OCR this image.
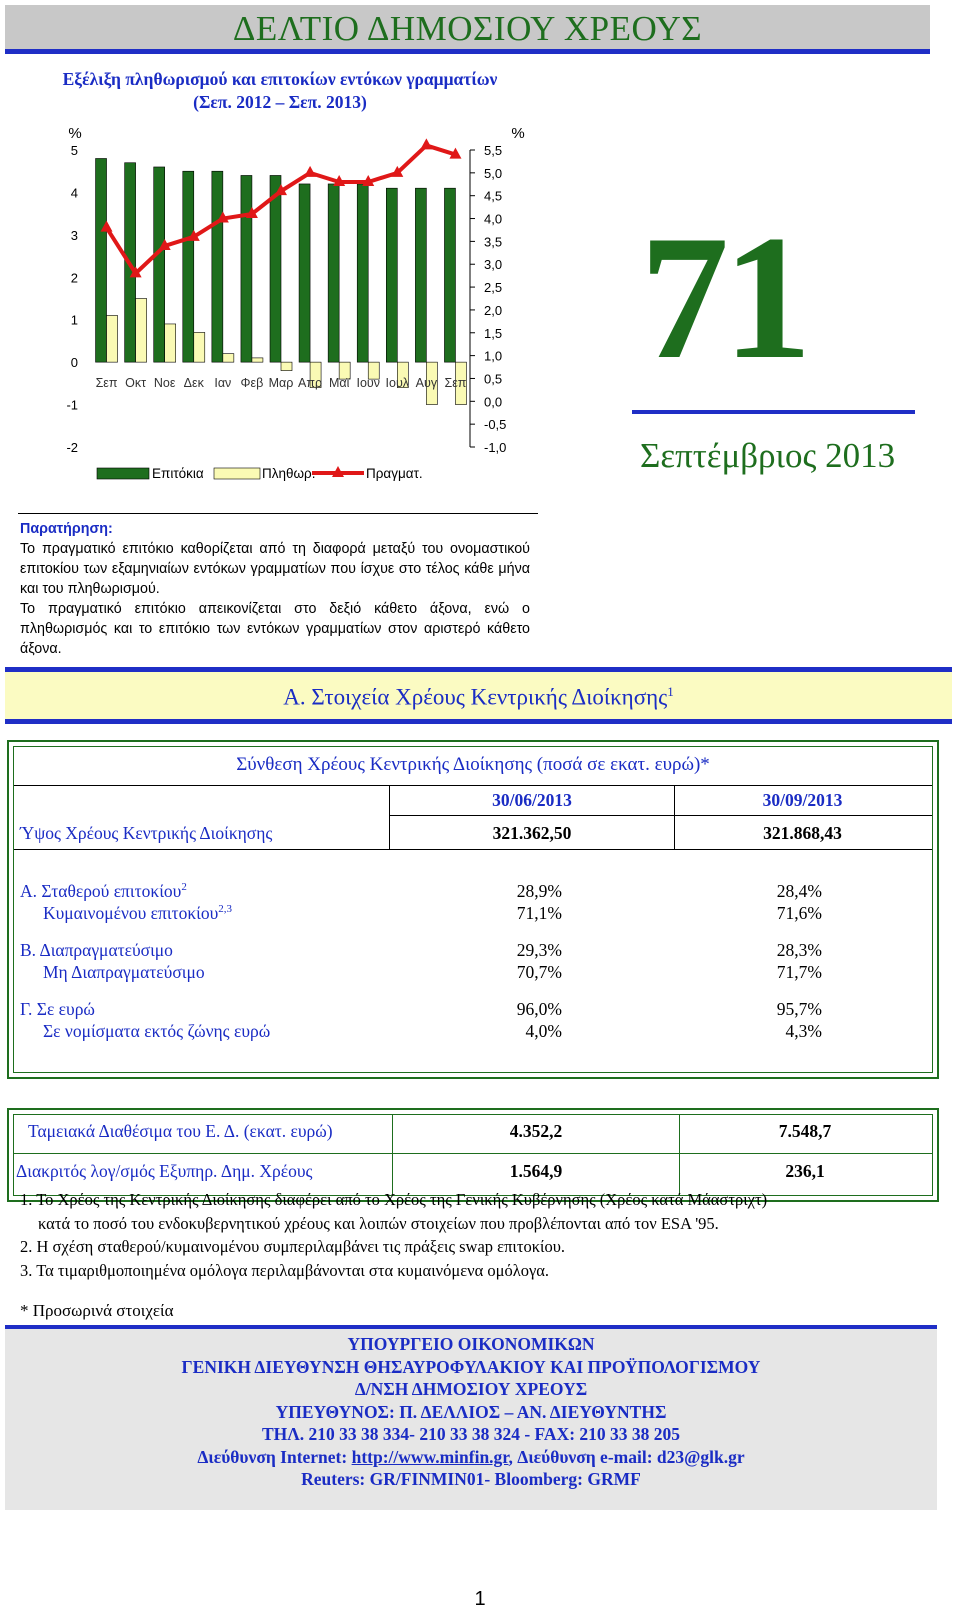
ΔΕΛΤΙΟ ΔΗΜΟΣΙΟΥ ΧΡΕΟΥΣ
Εξέλιξη πληθωρισμού και επιτοκίων εντόκων γραμματίων
(Σεπ. 2012 – Σεπ. 2013)
%	%
5
4
3
2
1
0
-1
-2
5,5
5,0
4,5
4,0
3,5
3,0
2,5
2,0
1,5
1,0
0,5
0,0
-0,5
-1,0
Σεπ Οκτ Νοε Δεκ Ιαν Φεβ Μαρ Απρ Μαϊ Ιουν Ιουλ Αυγ Σεπ
Επιτόκια	Πληθωρ.	Πραγματ.
71
Σεπτέμβριος 2013
Παρατήρηση:
Το πραγματικό επιτόκιο καθορίζεται από τη διαφορά μεταξύ του ονομαστικού επιτοκίου των εξαμηνιαίων εντόκων γραμματίων που ίσχυε στο τέλος κάθε μήνα και του πληθωρισμού.
Το πραγματικό επιτόκιο απεικονίζεται στο δεξιό κάθετο άξονα, ενώ ο πληθωρισμός και το επιτόκιο των εντόκων γραμματίων στον αριστερό κάθετο άξονα.
Α. Στοιχεία Χρέους Κεντρικής Διοίκησης$^1$
Σύνθεση Χρέους Κεντρικής Διοίκησης (ποσά σε εκατ. ευρώ)*
30/06/2013	30/09/2013
Ύψος Χρέους Κεντρικής Διοίκησης	321.362,50	321.868,43
Α. Σταθερού επιτοκίου$^2$	28,9%	28,4%
Κυμαινομένου επιτοκίου$^{2,3}$	71,1%	71,6%
Β. Διαπραγματεύσιμο	29,3%	28,3%
Μη Διαπραγματεύσιμο	70,7%	71,7%
Γ. Σε ευρώ	96,0%	95,7%
Σε νομίσματα εκτός ζώνης ευρώ	4,0%	4,3%
Ταμειακά Διαθέσιμα του Ε. Δ. (εκατ. ευρώ)	4.352,2	7.548,7
Διακριτός λογ/σμός Εξυπηρ. Δημ. Χρέους	1.564,9	236,1
1. Το Χρέος της Κεντρικής Διοίκησης διαφέρει από το Χρέος της Γενικής Κυβέρνησης (Χρέος κατά Μάαστριχτ)
κατά το ποσό του ενδοκυβερνητικού χρέους και λοιπών στοιχείων που προβλέπονται από τον ESA '95.
2. Η σχέση σταθερού/κυμαινομένου συμπεριλαμβάνει τις πράξεις swap επιτοκίου.
3. Τα τιμαριθμοποιημένα ομόλογα περιλαμβάνονται στα κυμαινόμενα ομόλογα.
* Προσωρινά στοιχεία
ΥΠΟΥΡΓΕΙΟ ΟΙΚΟΝΟΜΙΚΩΝ
ΓΕΝΙΚΗ ΔΙΕΥΘΥΝΣΗ ΘΗΣΑΥΡΟΦΥΛΑΚΙΟΥ ΚΑΙ ΠΡΟΫΠΟΛΟΓΙΣΜΟΥ
Δ/ΝΣΗ ΔΗΜΟΣΙΟΥ ΧΡΕΟΥΣ
ΥΠΕΥΘΥΝΟΣ: Π. ΔΕΛΛΙΟΣ – ΑΝ. ΔΙΕΥΘΥΝΤΗΣ
ΤΗΛ. 210 33 38 334- 210 33 38 324 - FAX: 210 33 38 205
Διεύθυνση Internet: http://www.minfin.gr, Διεύθυνση e-mail: d23@glk.gr
Reuters: GR/FINMIN01- Bloomberg: GRMF
1
